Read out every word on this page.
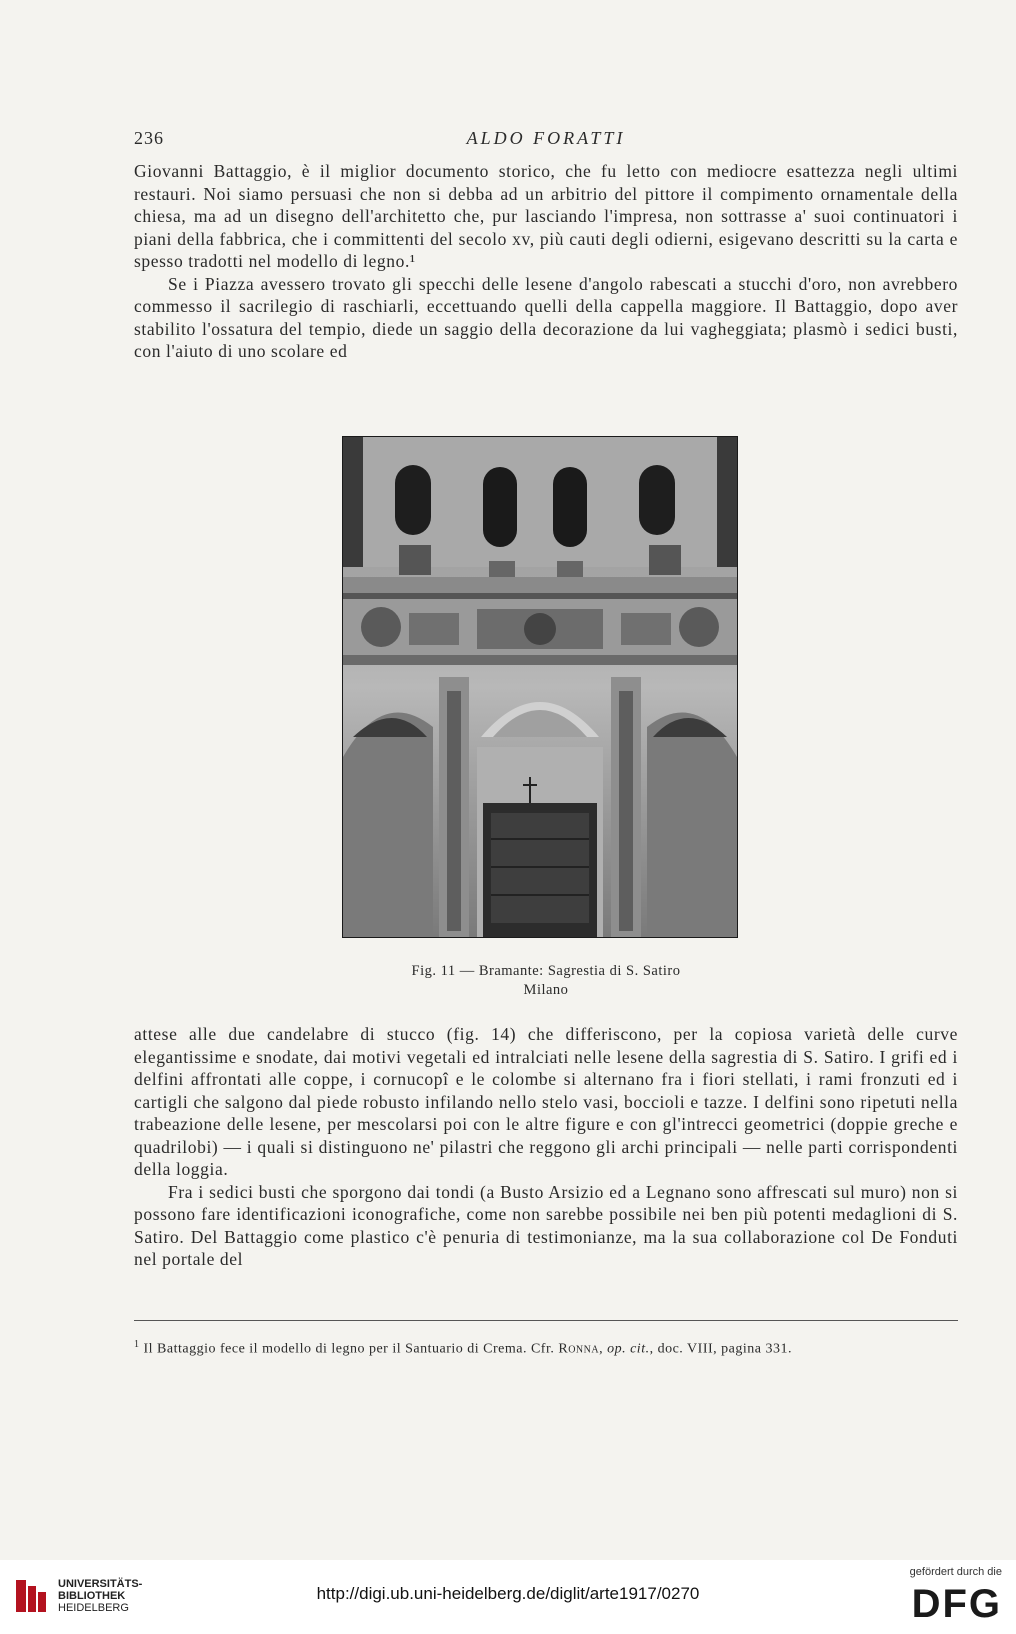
236	ALDO FORATTI

Giovanni Battaggio, è il miglior documento storico, che fu letto con mediocre esattezza negli ultimi restauri. Noi siamo persuasi che non si debba ad un arbitrio del pittore il compimento ornamentale della chiesa, ma ad un disegno dell'architetto che, pur lasciando l'impresa, non sottrasse a' suoi continuatori i piani della fabbrica, che i committenti del secolo xv, più cauti degli odierni, esigevano descritti su la carta e spesso tradotti nel modello di legno.¹

Se i Piazza avessero trovato gli specchi delle lesene d'angolo rabescati a stucchi d'oro, non avrebbero commesso il sacrilegio di raschiarli, eccettuando quelli della cappella maggiore. Il Battaggio, dopo aver stabilito l'ossatura del tempio, diede un saggio della decorazione da lui vagheggiata; plasmò i sedici busti, con l'aiuto di uno scolare ed

Fig. 11 — Bramante: Sagrestia di S. Satiro
Milano

attese alle due candelabre di stucco (fig. 14) che differiscono, per la copiosa varietà delle curve elegantissime e snodate, dai motivi vegetali ed intralciati nelle lesene della sagrestia di S. Satiro. I grifi ed i delfini affrontati alle coppe, i cornucopî e le colombe si alternano fra i fiori stellati, i rami fronzuti ed i cartigli che salgono dal piede robusto infilando nello stelo vasi, boccioli e tazze. I delfini sono ripetuti nella trabeazione delle lesene, per mescolarsi poi con le altre figure e con gl'intrecci geometrici (doppie greche e quadrilobi) — i quali si distinguono ne' pilastri che reggono gli archi principali — nelle parti corrispondenti della loggia.

Fra i sedici busti che sporgono dai tondi (a Busto Arsizio ed a Legnano sono affrescati sul muro) non si possono fare identificazioni iconografiche, come non sarebbe possibile nei ben più potenti medaglioni di S. Satiro. Del Battaggio come plastico c'è penuria di testimonianze, ma la sua collaborazione col De Fonduti nel portale del

$^1$ Il Battaggio fece il modello di legno per il Santuario di Crema. Cfr. Ronna, op. cit., doc. VIII, pagina 331.
UNIVERSITÄTS-
BIBLIOTHEK
HEIDELBERG
http://digi.ub.uni-heidelberg.de/diglit/arte1917/0270
gefördert durch die
DFG
